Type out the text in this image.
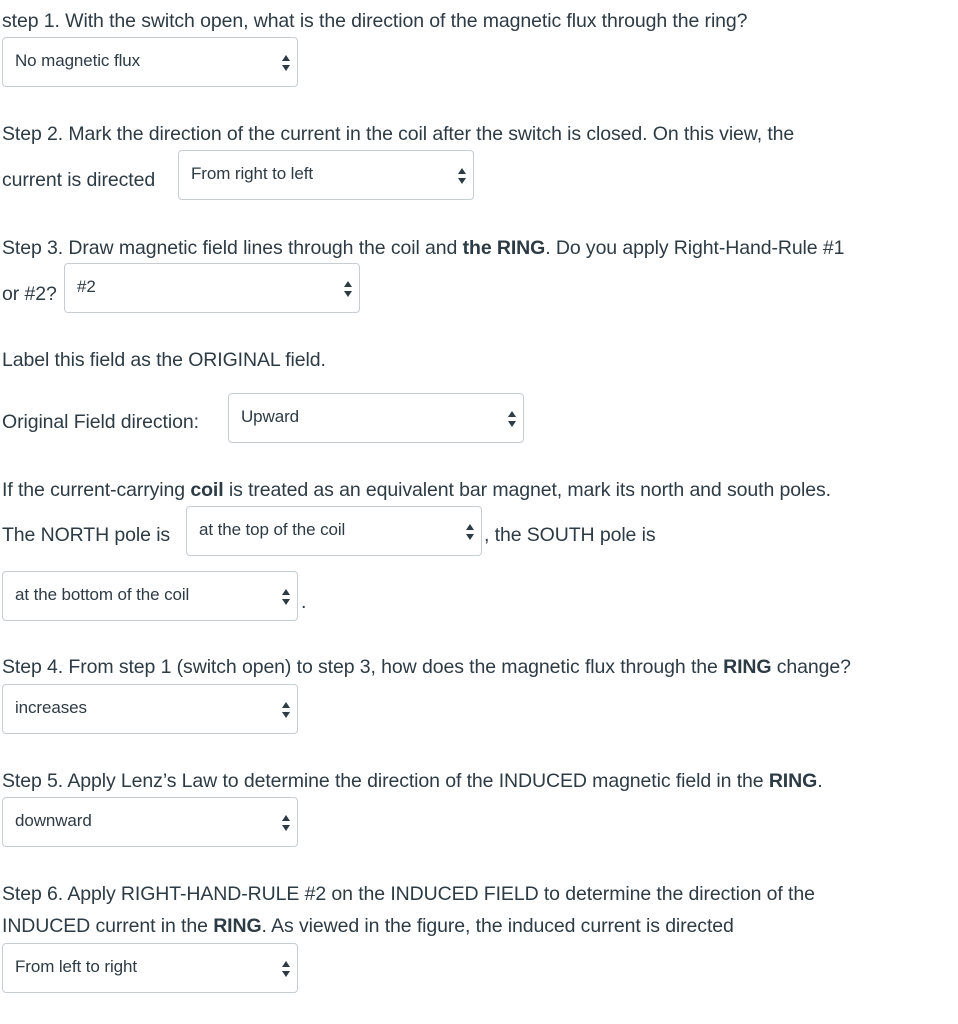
step 1. With the switch open, what is the direction of the magnetic flux through the ring?
No magnetic flux
Step 2. Mark the direction of the current in the coil after the switch is closed. On this view, the
current is directed From right to left
Step 3. Draw magnetic field lines through the coil and the RING. Do you apply Right-Hand-Rule #1
or #2? #2
Label this field as the ORIGINAL field.
Original Field direction: Upward
If the current-carrying coil is treated as an equivalent bar magnet, mark its north and south poles.
The NORTH pole is at the top of the coil	, the SOUTH pole is
at the bottom of the coil	.
Step 4. From step 1 (switch open) to step 3, how does the magnetic flux through the RING change?
increases
Step 5. Apply Lenz’s Law to determine the direction of the INDUCED magnetic field in the RING.
downward
Step 6. Apply RIGHT-HAND-RULE #2 on the INDUCED FIELD to determine the direction of the
INDUCED current in the RING. As viewed in the figure, the induced current is directed
From left to right
